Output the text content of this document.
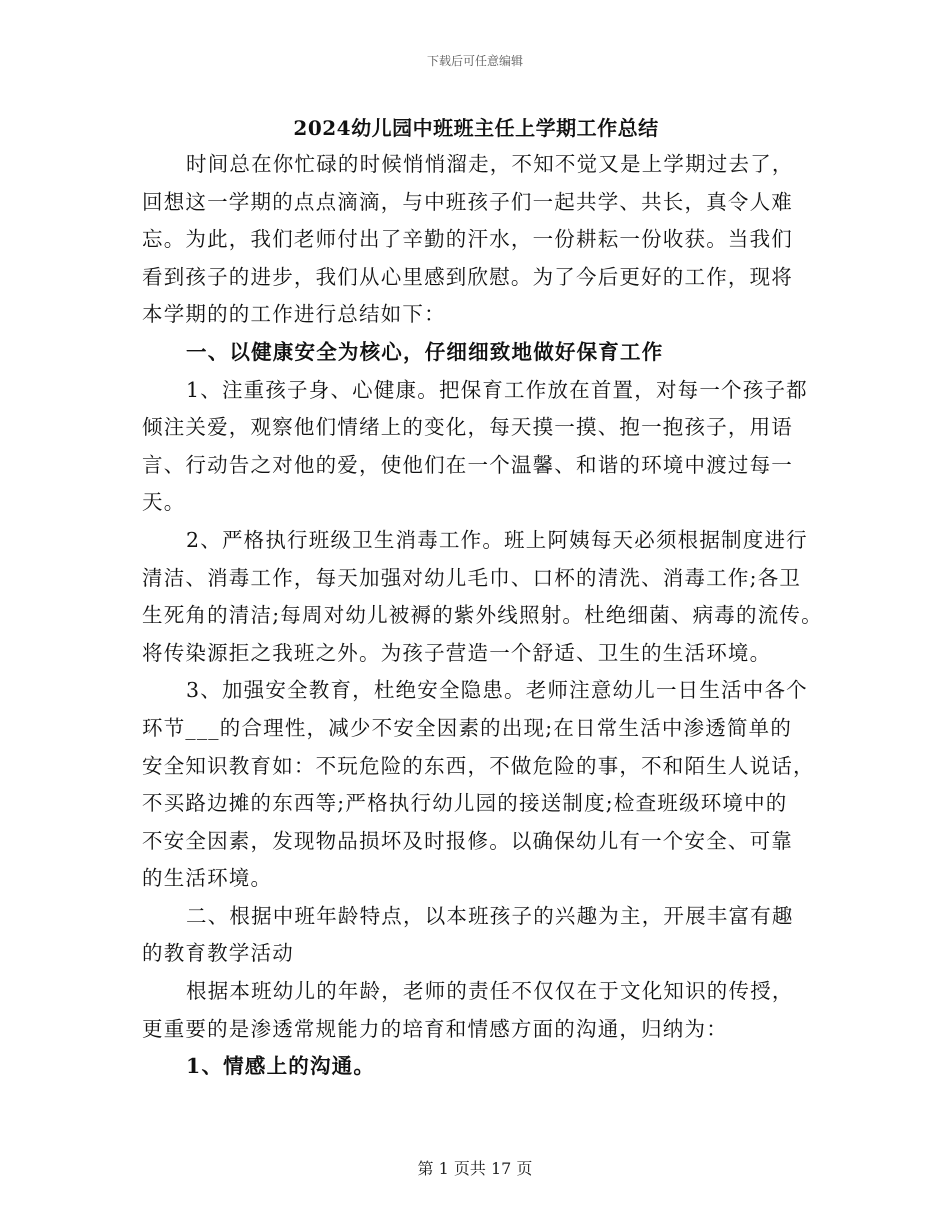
下载后可任意编辑
2024幼儿园中班班主任上学期工作总结

时间总在你忙碌的时候悄悄溜走，不知不觉又是上学期过去了，
回想这一学期的点点滴滴，与中班孩子们一起共学、共长，真令人难
忘。为此，我们老师付出了辛勤的汗水，一份耕耘一份收获。当我们
看到孩子的进步，我们从心里感到欣慰。为了今后更好的工作，现将
本学期的的工作进行总结如下：

一、以健康安全为核心，仔细细致地做好保育工作

1、注重孩子身、心健康。把保育工作放在首置，对每一个孩子都
倾注关爱，观察他们情绪上的变化，每天摸一摸、抱一抱孩子，用语
言、行动告之对他的爱，使他们在一个温馨、和谐的环境中渡过每一
天。

2、严格执行班级卫生消毒工作。班上阿姨每天必须根据制度进行
清洁、消毒工作，每天加强对幼儿毛巾、口杯的清洗、消毒工作;各卫
生死角的清洁;每周对幼儿被褥的紫外线照射。杜绝细菌、病毒的流传。
将传染源拒之我班之外。为孩子营造一个舒适、卫生的生活环境。

3、加强安全教育，杜绝安全隐患。老师注意幼儿一日生活中各个
环节___的合理性，减少不安全因素的出现;在日常生活中渗透简单的
安全知识教育如：不玩危险的东西，不做危险的事，不和陌生人说话，
不买路边摊的东西等;严格执行幼儿园的接送制度;检查班级环境中的
不安全因素，发现物品损坏及时报修。以确保幼儿有一个安全、可靠
的生活环境。

二、根据中班年龄特点，以本班孩子的兴趣为主，开展丰富有趣
的教育教学活动

根据本班幼儿的年龄，老师的责任不仅仅在于文化知识的传授，
更重要的是渗透常规能力的培育和情感方面的沟通，归纳为：

1、情感上的沟通。

第 1 页共 17 页
